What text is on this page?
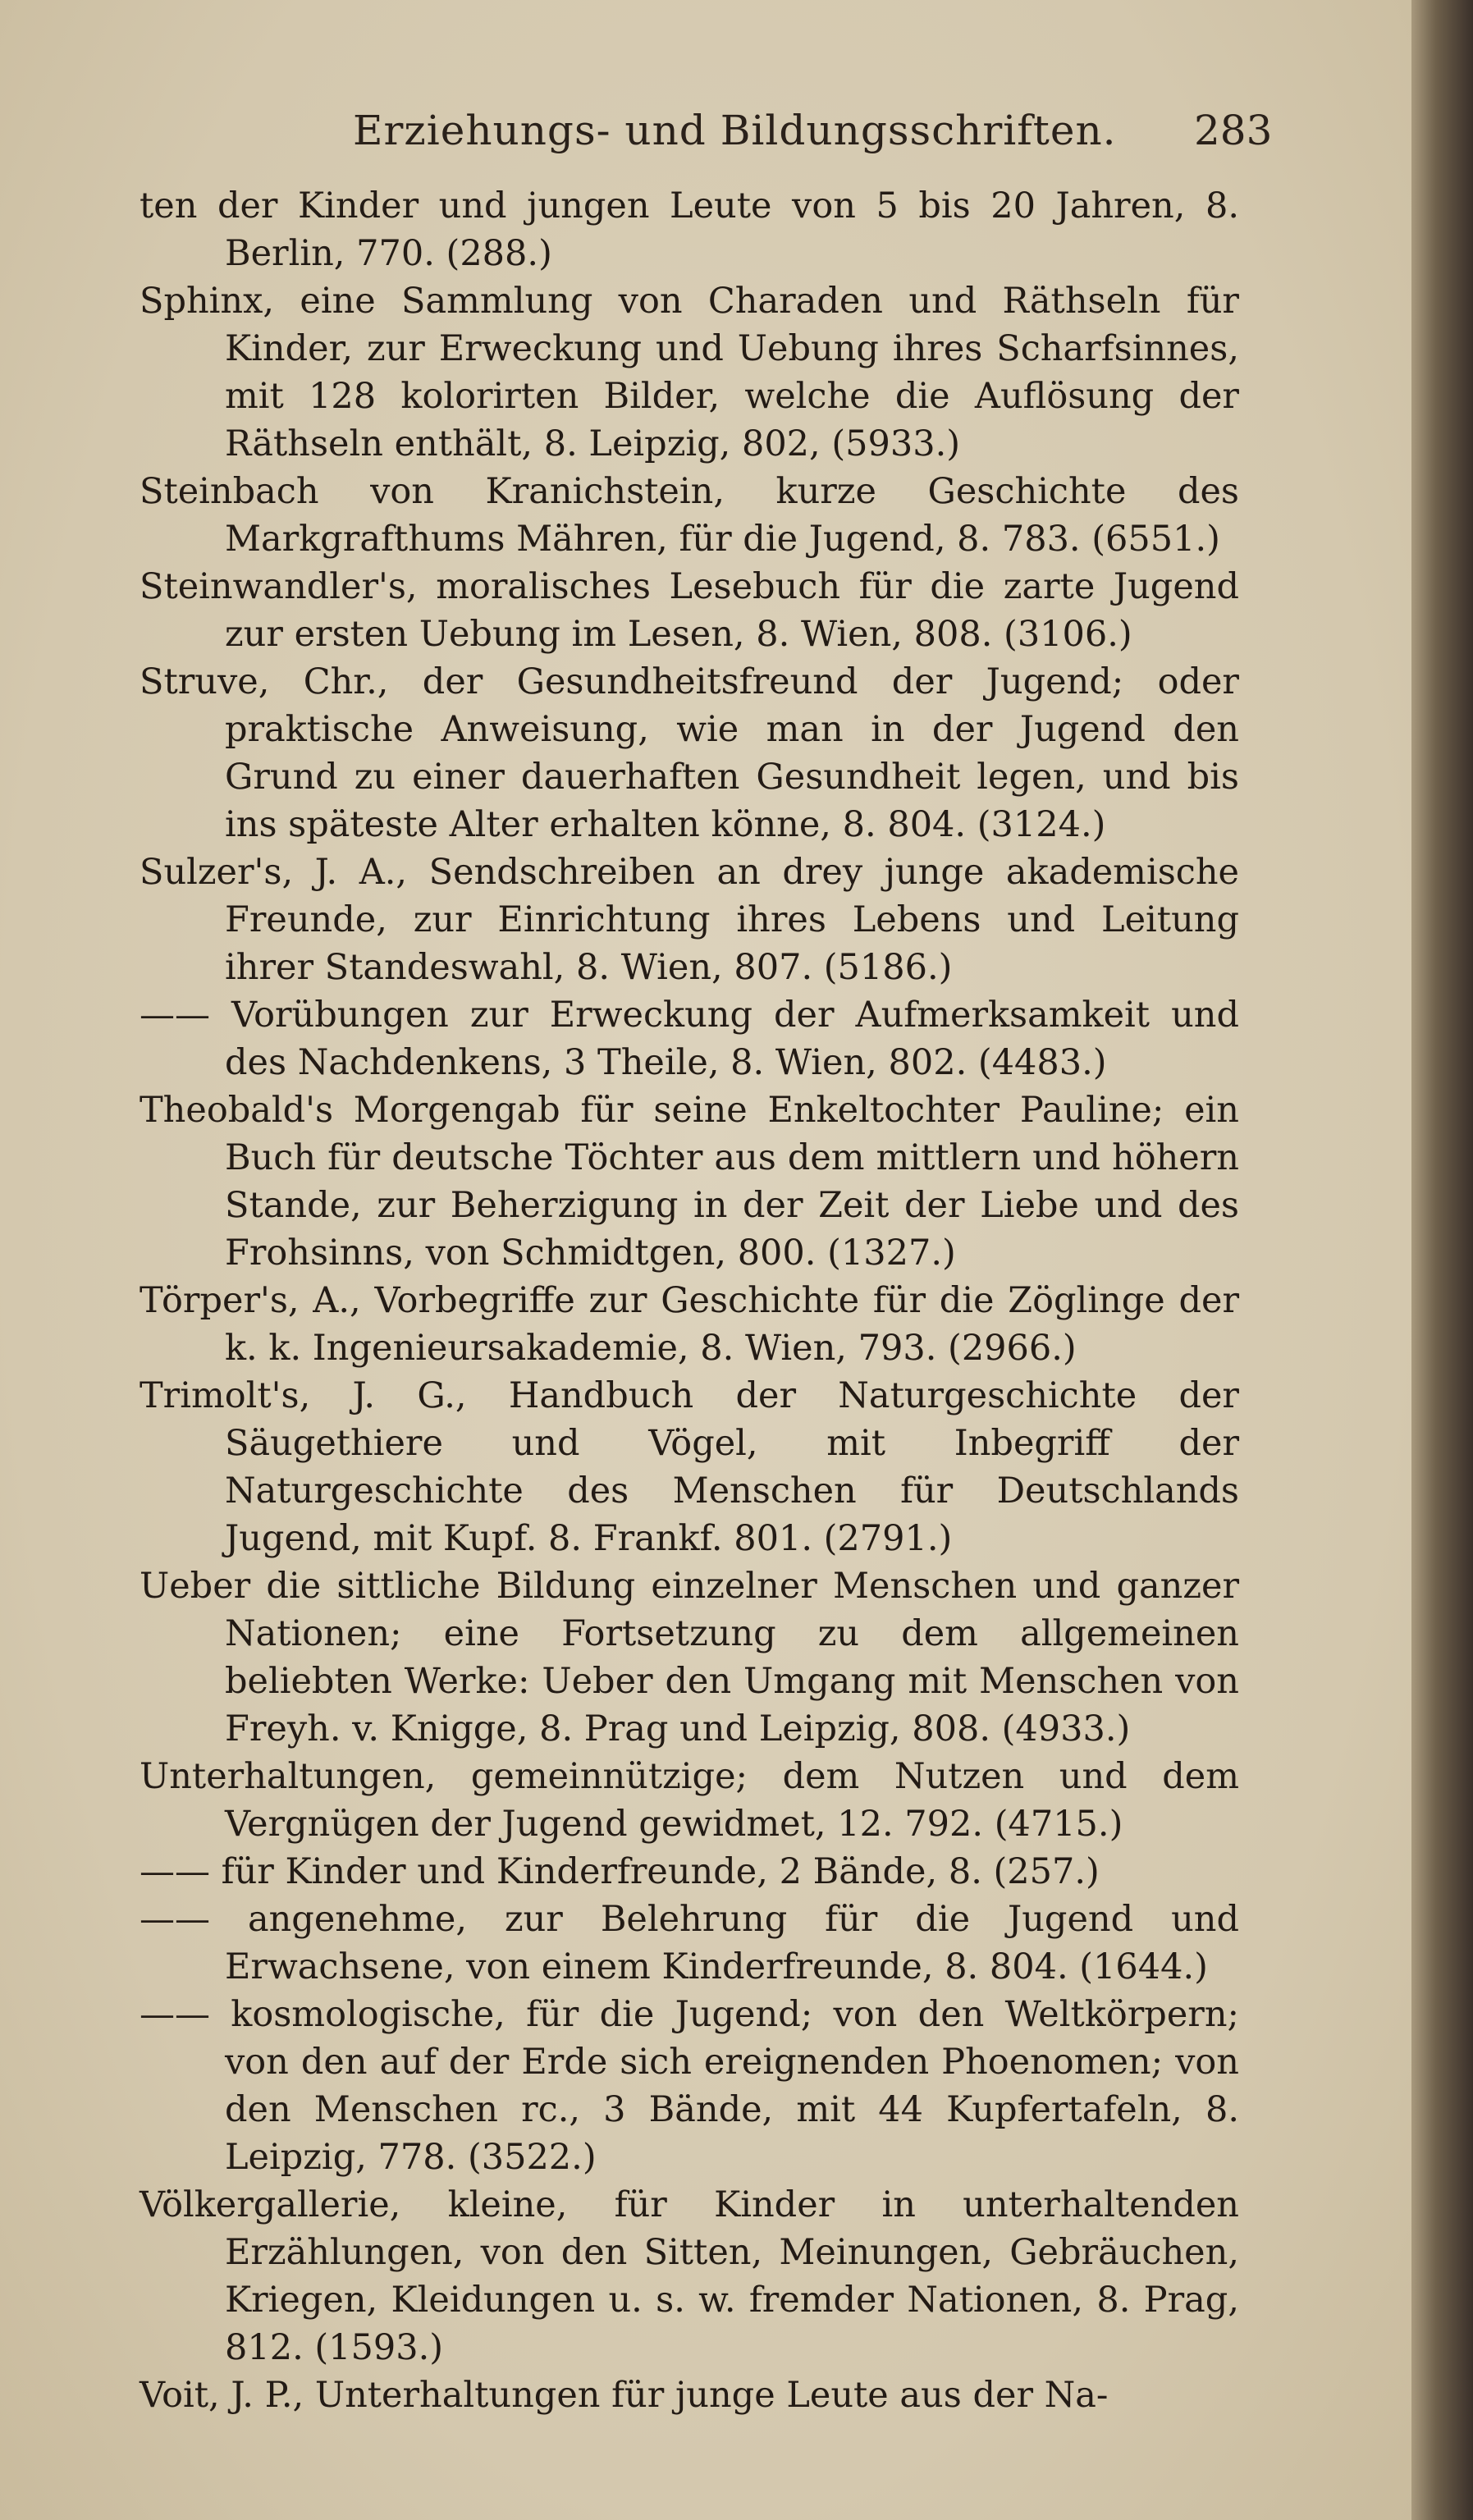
Erziehungs- und Bildungsschriften. 283

ten der Kinder und jungen Leute von 5 bis 20 Jahren, 8. Berlin, 770. (288.)

Sphinx, eine Sammlung von Charaden und Räthseln für Kinder, zur Erweckung und Uebung ihres Scharfsinnes, mit 128 kolorirten Bilder, welche die Auflösung der Räthseln enthält, 8. Leipzig, 802, (5933.)

Steinbach von Kranichstein, kurze Geschichte des Markgrafthums Mähren, für die Jugend, 8. 783. (6551.)

Steinwandler's, moralisches Lesebuch für die zarte Jugend zur ersten Uebung im Lesen, 8. Wien, 808. (3106.)

Struve, Chr., der Gesundheitsfreund der Jugend; oder praktische Anweisung, wie man in der Jugend den Grund zu einer dauerhaften Gesundheit legen, und bis ins späteste Alter erhalten könne, 8. 804. (3124.)

Sulzer's, J. A., Sendschreiben an drey junge akademische Freunde, zur Einrichtung ihres Lebens und Leitung ihrer Standeswahl, 8. Wien, 807. (5186.)

—— Vorübungen zur Erweckung der Aufmerksamkeit und des Nachdenkens, 3 Theile, 8. Wien, 802. (4483.)

Theobald's Morgengab für seine Enkeltochter Pauline; ein Buch für deutsche Töchter aus dem mittlern und höhern Stande, zur Beherzigung in der Zeit der Liebe und des Frohsinns, von Schmidtgen, 800. (1327.)

Törper's, A., Vorbegriffe zur Geschichte für die Zöglinge der k. k. Ingenieursakademie, 8. Wien, 793. (2966.)

Trimolt's, J. G., Handbuch der Naturgeschichte der Säugethiere und Vögel, mit Inbegriff der Naturgeschichte des Menschen für Deutschlands Jugend, mit Kupf. 8. Frankf. 801. (2791.)

Ueber die sittliche Bildung einzelner Menschen und ganzer Nationen; eine Fortsetzung zu dem allgemeinen beliebten Werke: Ueber den Umgang mit Menschen von Freyh. v. Knigge, 8. Prag und Leipzig, 808. (4933.)

Unterhaltungen, gemeinnützige; dem Nutzen und dem Vergnügen der Jugend gewidmet, 12. 792. (4715.)

—— für Kinder und Kinderfreunde, 2 Bände, 8. (257.)

—— angenehme, zur Belehrung für die Jugend und Erwachsene, von einem Kinderfreunde, 8. 804. (1644.)

—— kosmologische, für die Jugend; von den Weltkörpern; von den auf der Erde sich ereignenden Phoenomen; von den Menschen rc., 3 Bände, mit 44 Kupfertafeln, 8. Leipzig, 778. (3522.)

Völkergallerie, kleine, für Kinder in unterhaltenden Erzählungen, von den Sitten, Meinungen, Gebräuchen, Kriegen, Kleidungen u. s. w. fremder Nationen, 8. Prag, 812. (1593.)

Voit, J. P., Unterhaltungen für junge Leute aus der Na-
